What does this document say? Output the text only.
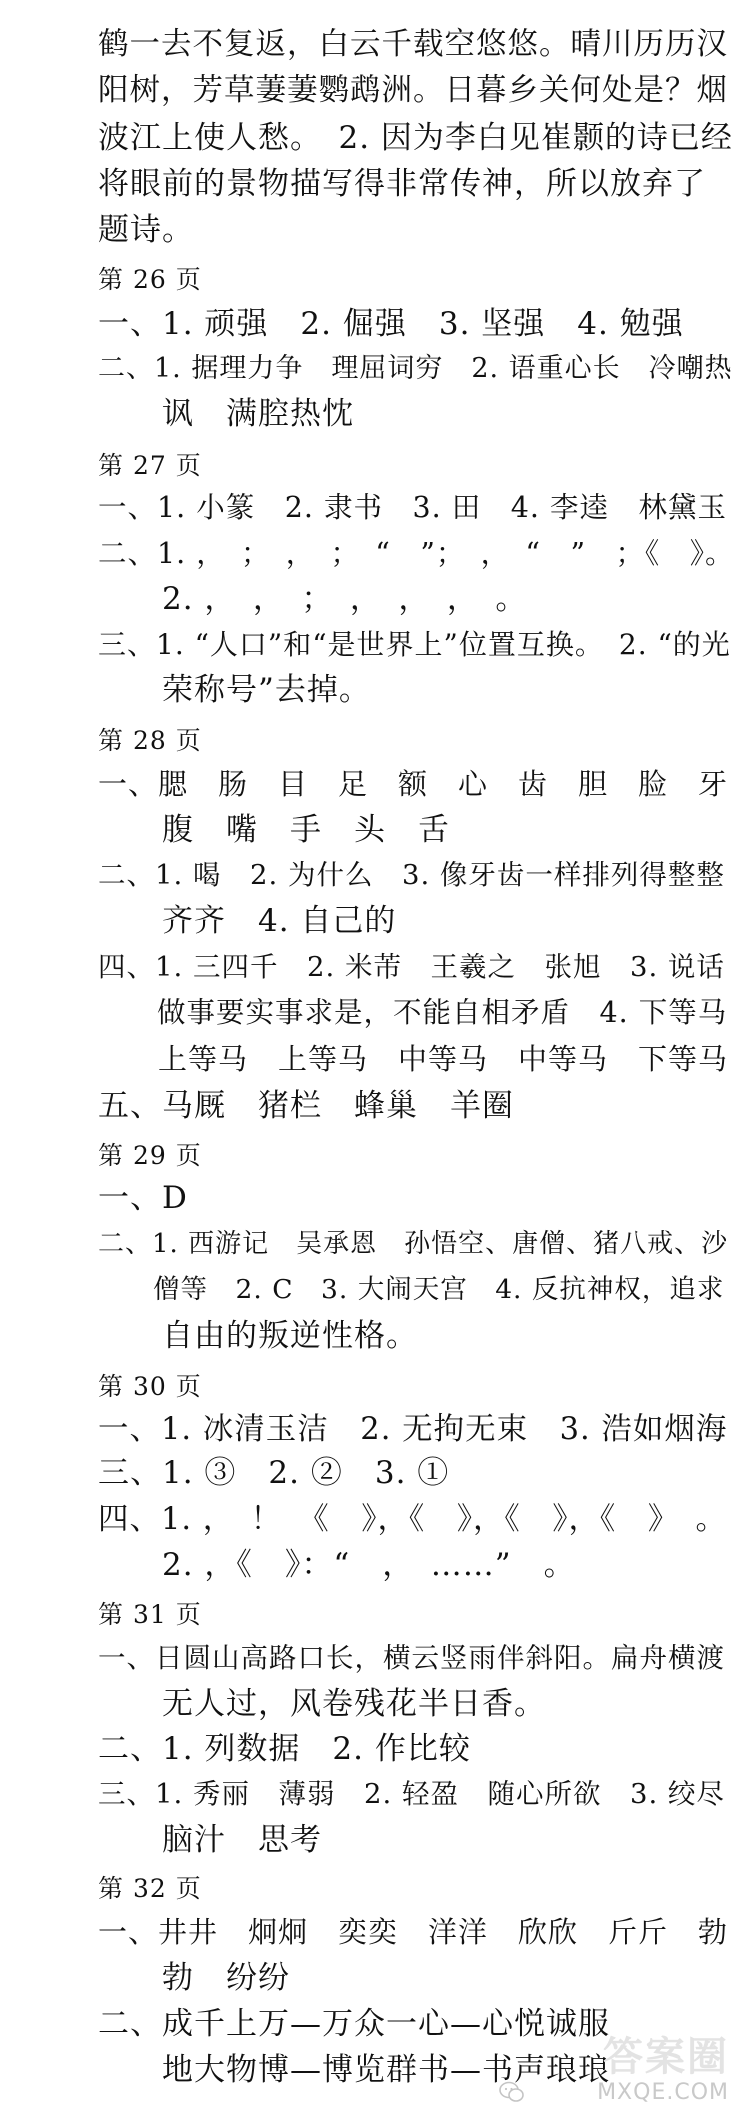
鹤一去不复返，白云千载空悠悠。晴川历历汉
阳树，芳草萋萋鹦鹉洲。日暮乡关何处是？烟
波江上使人愁。　2. 因为李白见崔颢的诗已经
将眼前的景物描写得非常传神，所以放弃了
题诗。
第 26 页
一、1. 顽强　2. 倔强　3. 坚强　4. 勉强
二、1. 据理力争　理屈词穷　2. 语重心长　冷嘲热
　　讽　满腔热忱
第 27 页
一、1. 小篆　2. 隶书　3. 田　4. 李逵　林黛玉
二、1. ，　；　，　；　“　”；　，　“　”　；《　》。
　　2. ，　，　；　，　，　，　。
三、1. “人口”和“是世界上”位置互换。　2. “的光
　　荣称号”去掉。
第 28 页
一、腮　肠　目　足　额　心　齿　胆　脸　牙
　　腹　嘴　手　头　舌
二、1. 喝　2. 为什么　3. 像牙齿一样排列得整整
　　齐齐　4. 自己的
四、1. 三四千　2. 米芾　王羲之　张旭　3. 说话
　　做事要实事求是，不能自相矛盾　4. 下等马
　　上等马　上等马　中等马　中等马　下等马
五、马厩　猪栏　蜂巢　羊圈
第 29 页
一、D
二、1. 西游记　吴承恩　孙悟空、唐僧、猪八戒、沙
　　僧等　2. C　3. 大闹天宫　4. 反抗神权，追求
　　自由的叛逆性格。
第 30 页
一、1. 冰清玉洁　2. 无拘无束　3. 浩如烟海
三、1. ③　2. ②　3. ①
四、1. ，　！　《　》，《　》，《　》，《　》　。
　　2. ，《　》：“　，　……”　。
第 31 页
一、日圆山高路口长，横云竖雨伴斜阳。扁舟横渡
　　无人过，风卷残花半日香。
二、1. 列数据　2. 作比较
三、1. 秀丽　薄弱　2. 轻盈　随心所欲　3. 绞尽
　　脑汁　思考
第 32 页
一、井井　炯炯　奕奕　洋洋　欣欣　斤斤　勃
　　勃　纷纷
二、成千上万—万众一心—心悦诚服
　　地大物博—博览群书—书声琅琅
答案圈
MXQE.COM
